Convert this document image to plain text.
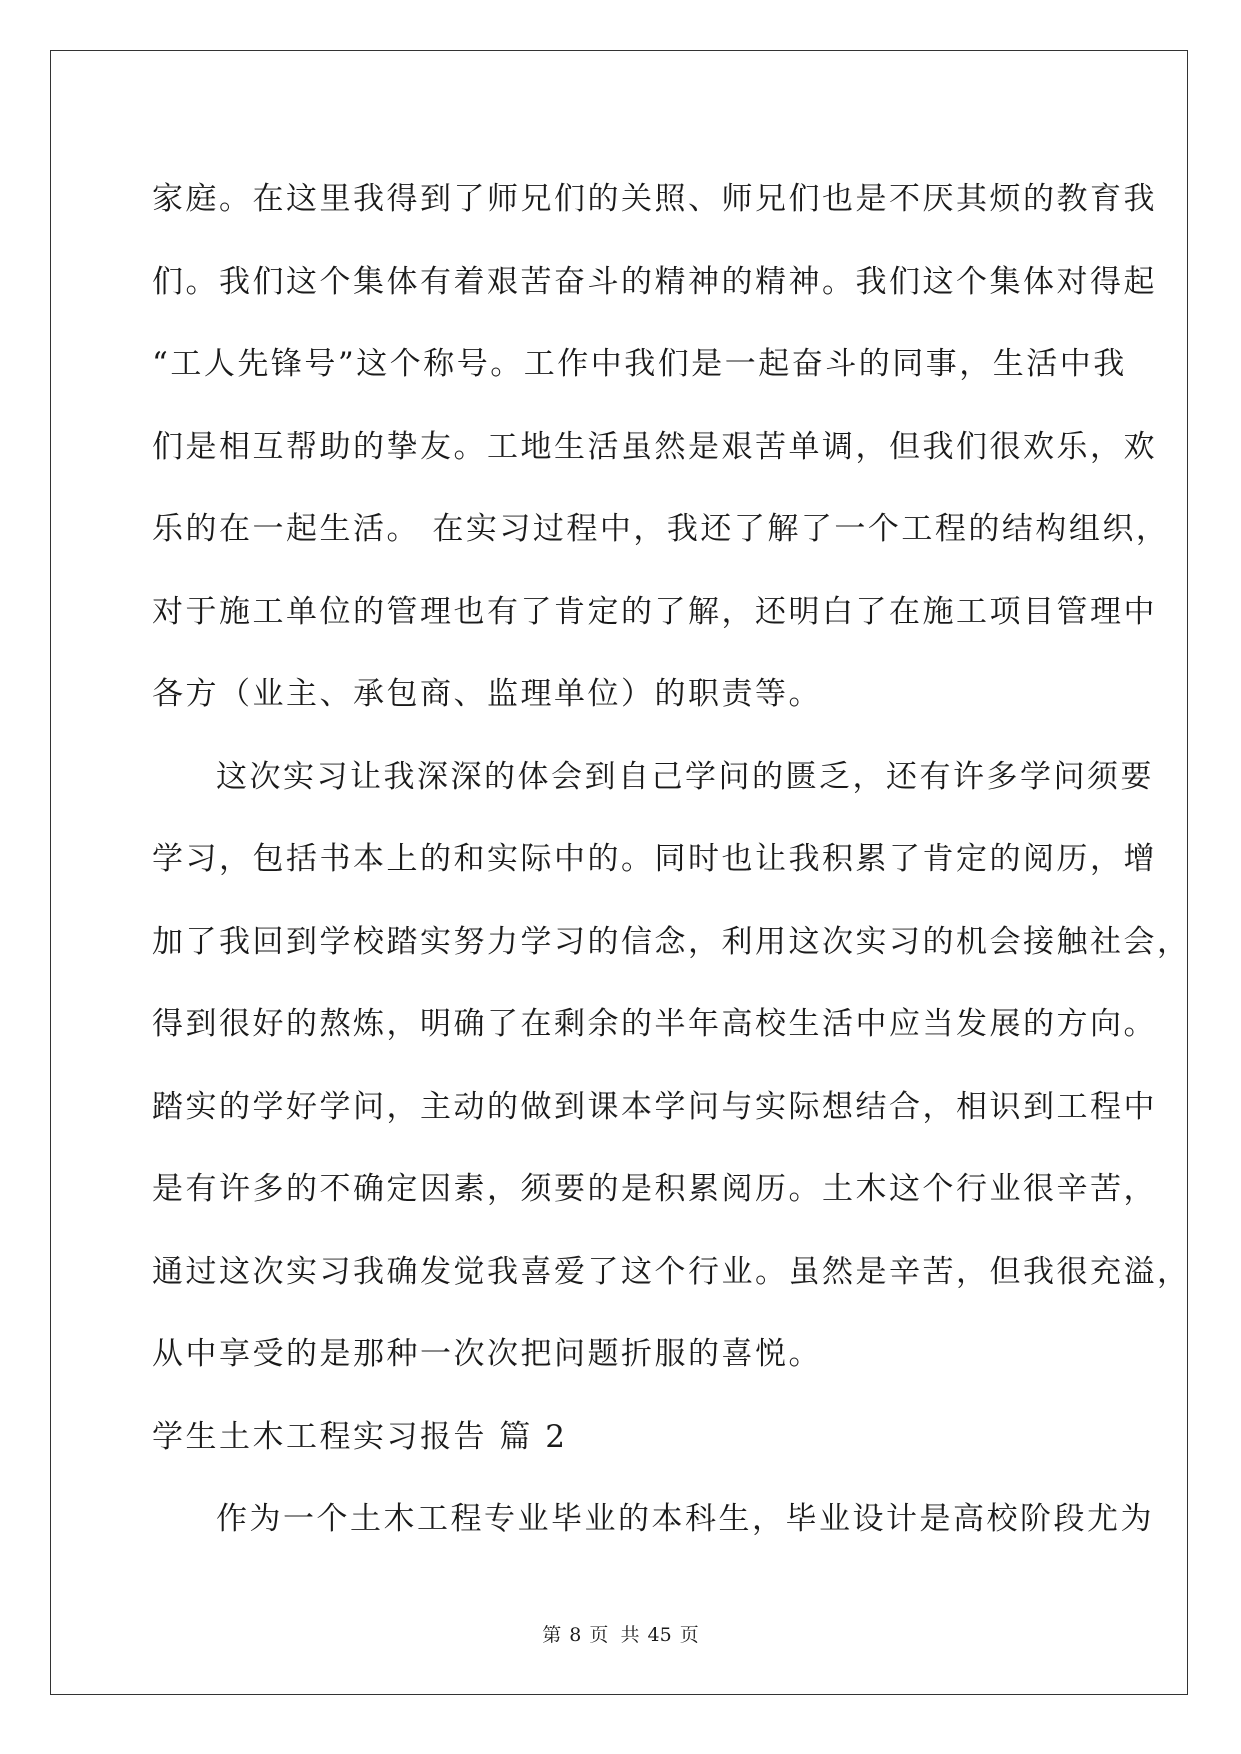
家庭。在这里我得到了师兄们的关照、师兄们也是不厌其烦的教育我
们。我们这个集体有着艰苦奋斗的精神的精神。我们这个集体对得起
“工人先锋号”这个称号。工作中我们是一起奋斗的同事，生活中我
们是相互帮助的挚友。工地生活虽然是艰苦单调，但我们很欢乐，欢
乐的在一起生活。 在实习过程中，我还了解了一个工程的结构组织，
对于施工单位的管理也有了肯定的了解，还明白了在施工项目管理中
各方（业主、承包商、监理单位）的职责等。
这次实习让我深深的体会到自己学问的匮乏，还有许多学问须要
学习，包括书本上的和实际中的。同时也让我积累了肯定的阅历，增
加了我回到学校踏实努力学习的信念，利用这次实习的机会接触社会，
得到很好的熬炼，明确了在剩余的半年高校生活中应当发展的方向。
踏实的学好学问，主动的做到课本学问与实际想结合，相识到工程中
是有许多的不确定因素，须要的是积累阅历。土木这个行业很辛苦，
通过这次实习我确发觉我喜爱了这个行业。虽然是辛苦，但我很充溢，
从中享受的是那种一次次把问题折服的喜悦。
学生土木工程实习报告 篇 2
作为一个土木工程专业毕业的本科生，毕业设计是高校阶段尤为
第 8 页 共 45 页
